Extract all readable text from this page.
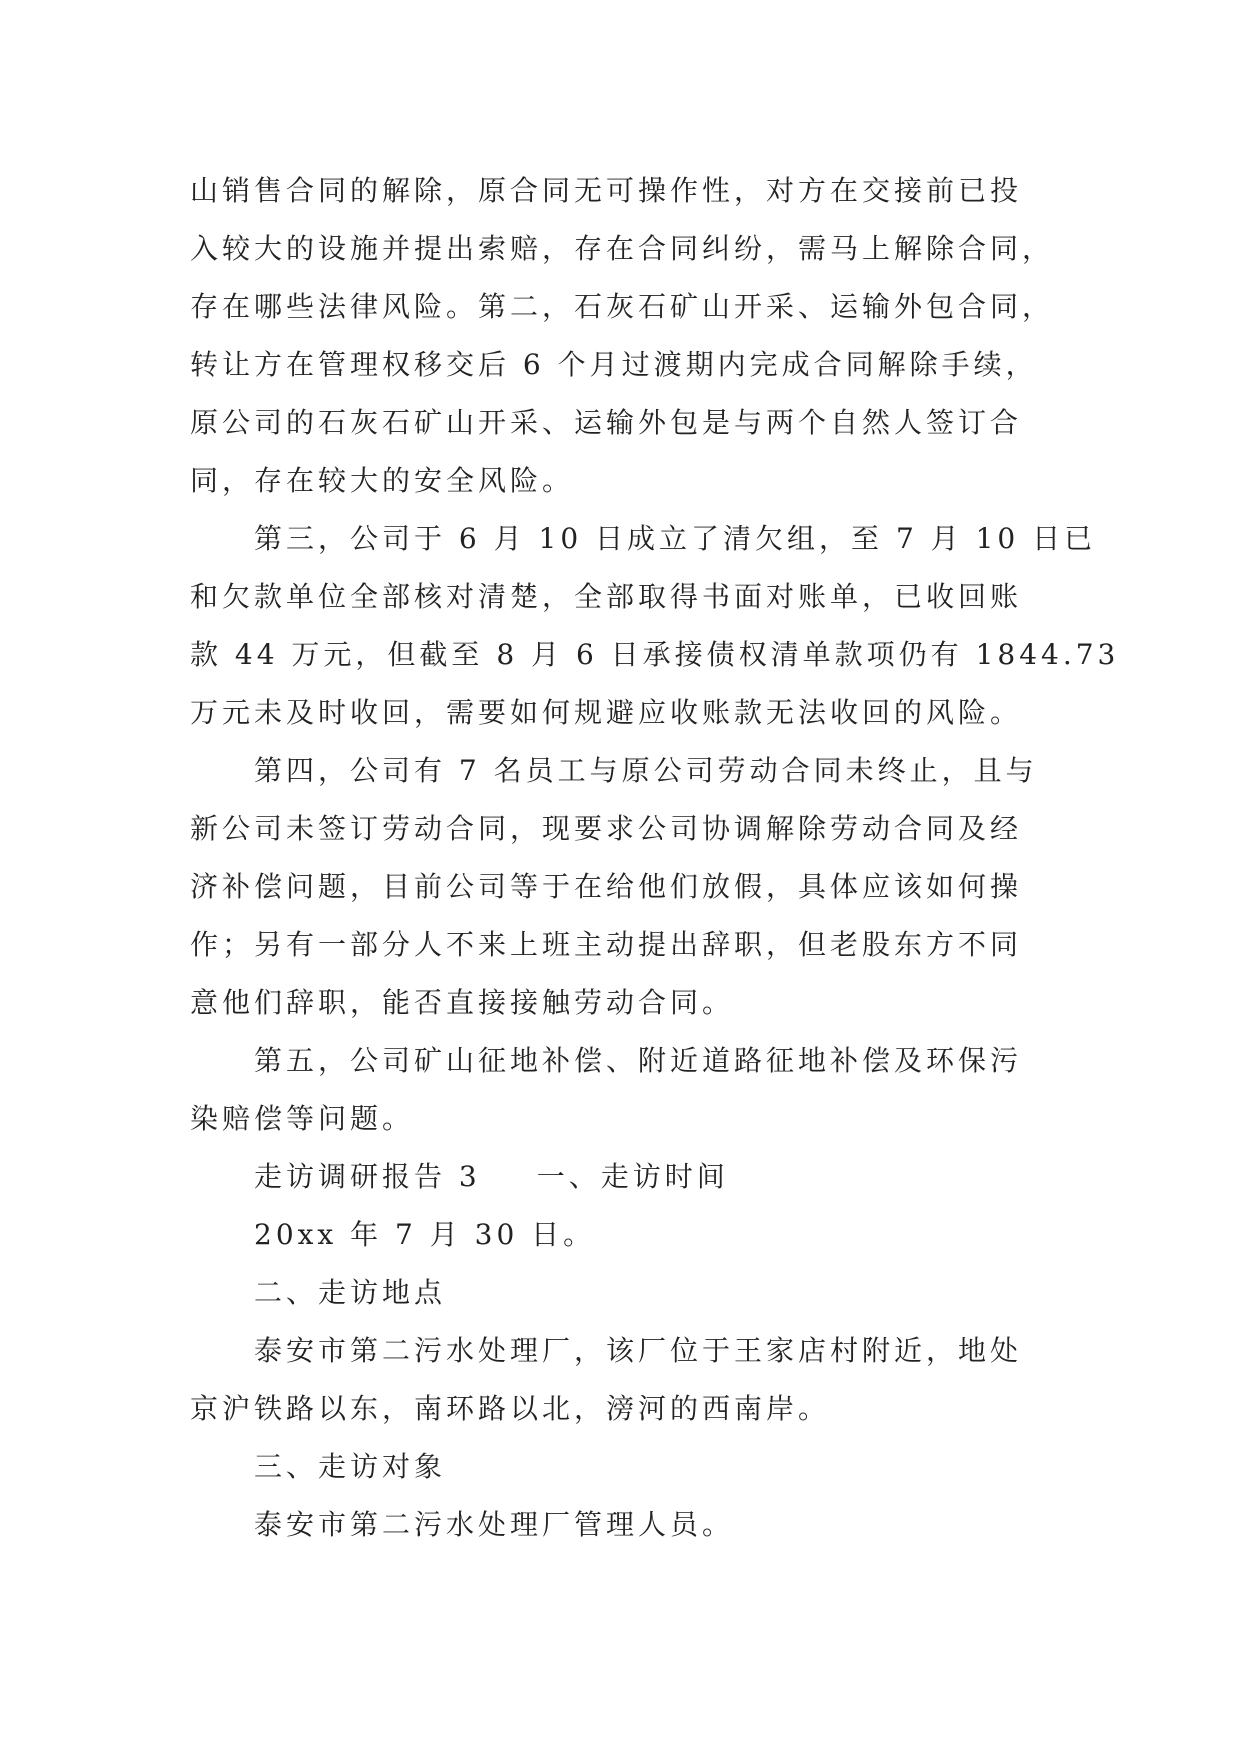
山销售合同的解除，原合同无可操作性，对方在交接前已投
入较大的设施并提出索赔，存在合同纠纷，需马上解除合同，
存在哪些法律风险。第二，石灰石矿山开采、运输外包合同，
转让方在管理权移交后 6 个月过渡期内完成合同解除手续，
原公司的石灰石矿山开采、运输外包是与两个自然人签订合
同，存在较大的安全风险。
第三，公司于 6 月 10 日成立了清欠组，至 7 月 10 日已
和欠款单位全部核对清楚，全部取得书面对账单，已收回账
款 44 万元，但截至 8 月 6 日承接债权清单款项仍有 1844.73
万元未及时收回，需要如何规避应收账款无法收回的风险。
第四，公司有 7 名员工与原公司劳动合同未终止，且与
新公司未签订劳动合同，现要求公司协调解除劳动合同及经
济补偿问题，目前公司等于在给他们放假，具体应该如何操
作；另有一部分人不来上班主动提出辞职，但老股东方不同
意他们辞职，能否直接接触劳动合同。
第五，公司矿山征地补偿、附近道路征地补偿及环保污
染赔偿等问题。
走访调研报告 3 一、走访时间
20xx 年 7 月 30 日。
二、走访地点
泰安市第二污水处理厂，该厂位于王家店村附近，地处
京沪铁路以东，南环路以北，滂河的西南岸。
三、走访对象
泰安市第二污水处理厂管理人员。
